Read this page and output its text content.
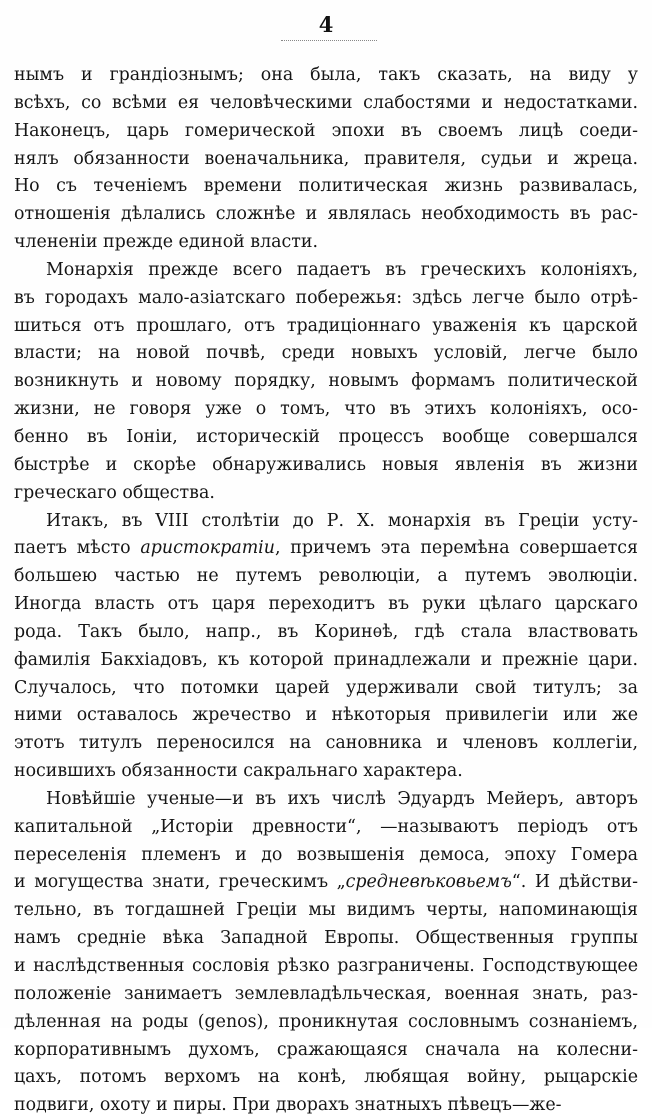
4
нымъ и грандіознымъ; она была, такъ сказать, на виду у
всѣхъ, со всѣми ея человѣческими слабостями и недостатками.
Наконецъ, царь гомерической эпохи въ своемъ лицѣ соеди-
нялъ обязанности военачальника, правителя, судьи и жреца.
Но съ теченіемъ времени политическая жизнь развивалась,
отношенія дѣлались сложнѣе и являлась необходимость въ рас-
члененіи прежде единой власти.
Монархія прежде всего падаетъ въ греческихъ колоніяхъ,
въ городахъ мало-азіатскаго побережья: здѣсь легче было отрѣ-
шиться отъ прошлаго, отъ традиціоннаго уваженія къ царской
власти; на новой почвѣ, среди новыхъ условій, легче было
возникнуть и новому порядку, новымъ формамъ политической
жизни, не говоря уже о томъ, что въ этихъ колоніяхъ, осо-
бенно въ Іоніи, историческій процессъ вообще совершался
быстрѣе и скорѣе обнаруживались новыя явленія въ жизни
греческаго общества.
Итакъ, въ VIII столѣтіи до Р. Х. монархія въ Греціи усту-
паетъ мѣсто аристократіи, причемъ эта перемѣна совершается
большею частью не путемъ революціи, а путемъ эволюціи.
Иногда власть отъ царя переходитъ въ руки цѣлаго царскаго
рода. Такъ было, напр., въ Коринѳѣ, гдѣ стала властвовать
фамилія Бакхіадовъ, къ которой принадлежали и прежніе цари.
Случалось, что потомки царей удерживали свой титулъ; за
ними оставалось жречество и нѣкоторыя привилегіи или же
этотъ титулъ переносился на сановника и членовъ коллегіи,
носившихъ обязанности сакральнаго характера.
Новѣйшіе ученые—и въ ихъ числѣ Эдуардъ Мейеръ, авторъ
капитальной „Исторіи древности“, —называютъ періодъ отъ
переселенія племенъ и до возвышенія демоса, эпоху Гомера
и могущества знати, греческимъ „средневѣковьемъ“. И дѣйстви-
тельно, въ тогдашней Греціи мы видимъ черты, напоминающія
намъ средніе вѣка Западной Европы. Общественныя группы
и наслѣдственныя сословія рѣзко разграничены. Господствующее
положеніе занимаетъ землевладѣльческая, военная знать, раз-
дѣленная на роды (genos), проникнутая сословнымъ сознаніемъ,
корпоративнымъ духомъ, сражающаяся сначала на колесни-
цахъ, потомъ верхомъ на конѣ, любящая войну, рыцарскіе
подвиги, охоту и пиры. При дворахъ знатныхъ пѣвецъ—же-
